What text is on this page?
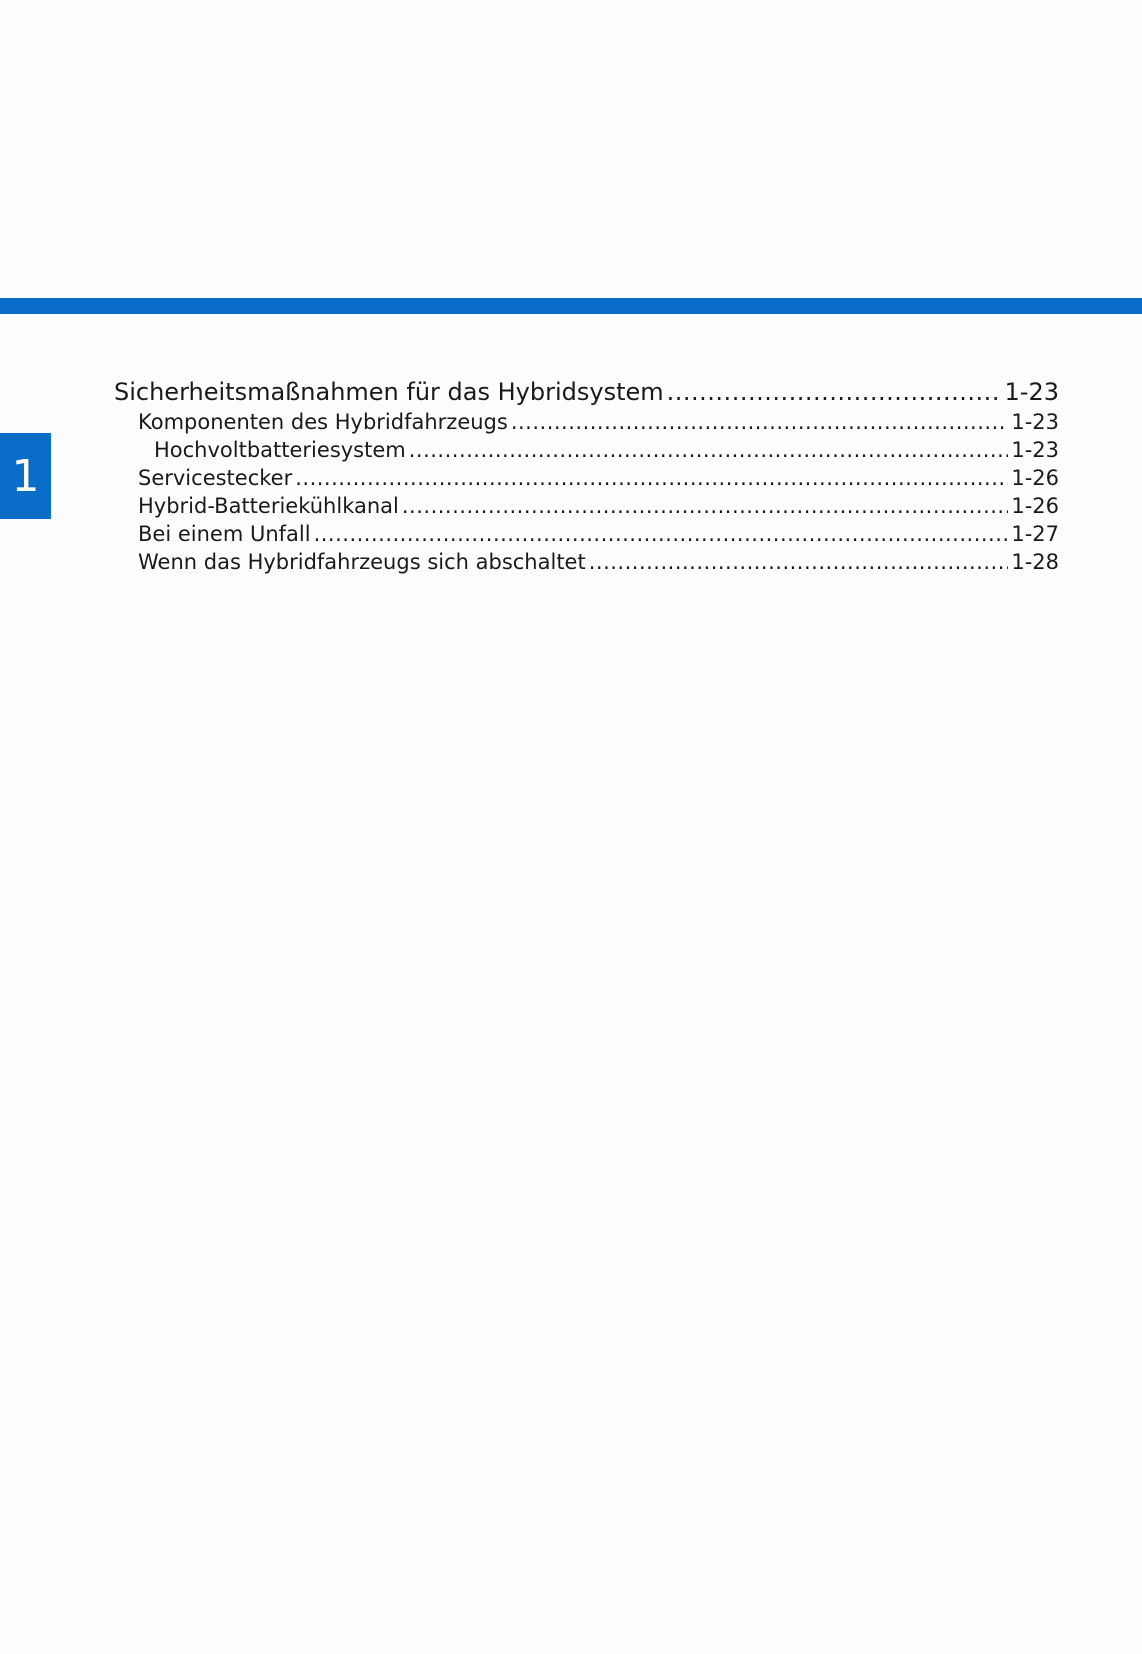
1
Sicherheitsmaßnahmen für das Hybridsystem .....	1-23
Komponenten des Hybridfahrzeugs .....	1-23
Hochvoltbatteriesystem .....	1-23
Servicestecker .....	1-26
Hybrid-Batteriekühlkanal .....	1-26
Bei einem Unfall .....	1-27
Wenn das Hybridfahrzeugs sich abschaltet .....	1-28
